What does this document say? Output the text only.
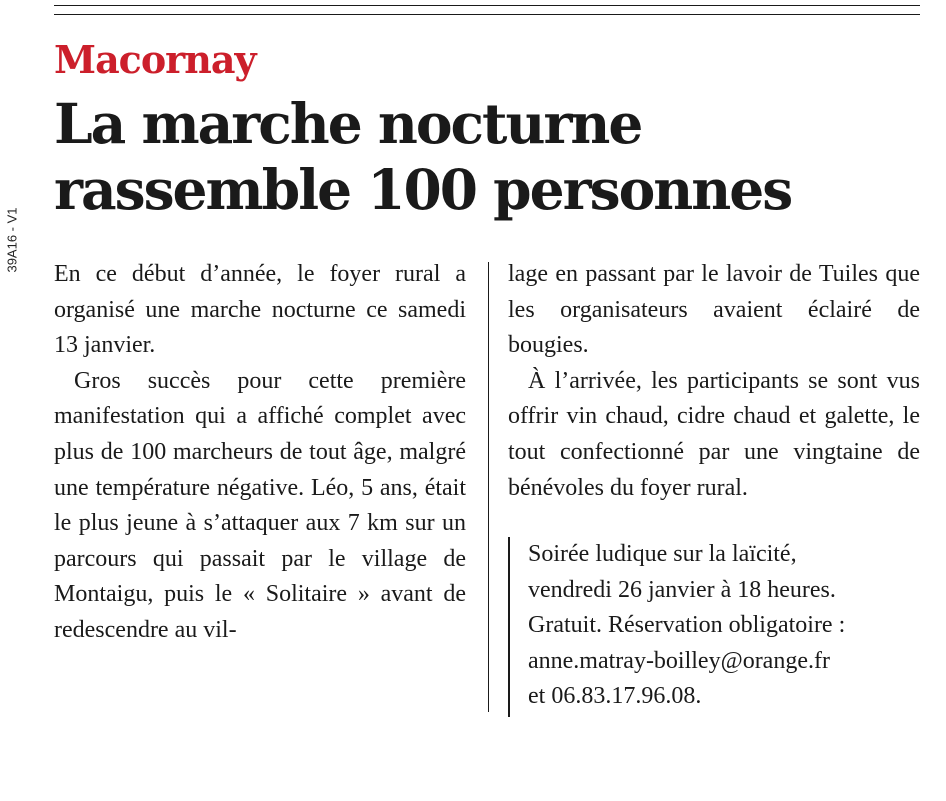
39A16 - V1
Macornay
La marche nocturne
rassemble 100 personnes

En ce début d’année, le foyer rural a organisé une marche nocturne ce samedi 13 janvier.

Gros succès pour cette première manifestation qui a affiché complet avec plus de 100 marcheurs de tout âge, malgré une température négative. Léo, 5 ans, était le plus jeune à s’attaquer aux 7 km sur un parcours qui passait par le village de Montaigu, puis le « Solitaire » avant de redescendre au vil-

lage en passant par le lavoir de Tuiles que les organisateurs avaient éclairé de bougies.

À l’arrivée, les participants se sont vus offrir vin chaud, cidre chaud et galette, le tout confectionné par une vingtaine de bénévoles du foyer rural.

Soirée ludique sur la laïcité,
vendredi 26 janvier à 18 heures.
Gratuit. Réservation obligatoire :
anne.matray-boilley@orange.fr
et 06.83.17.96.08.
